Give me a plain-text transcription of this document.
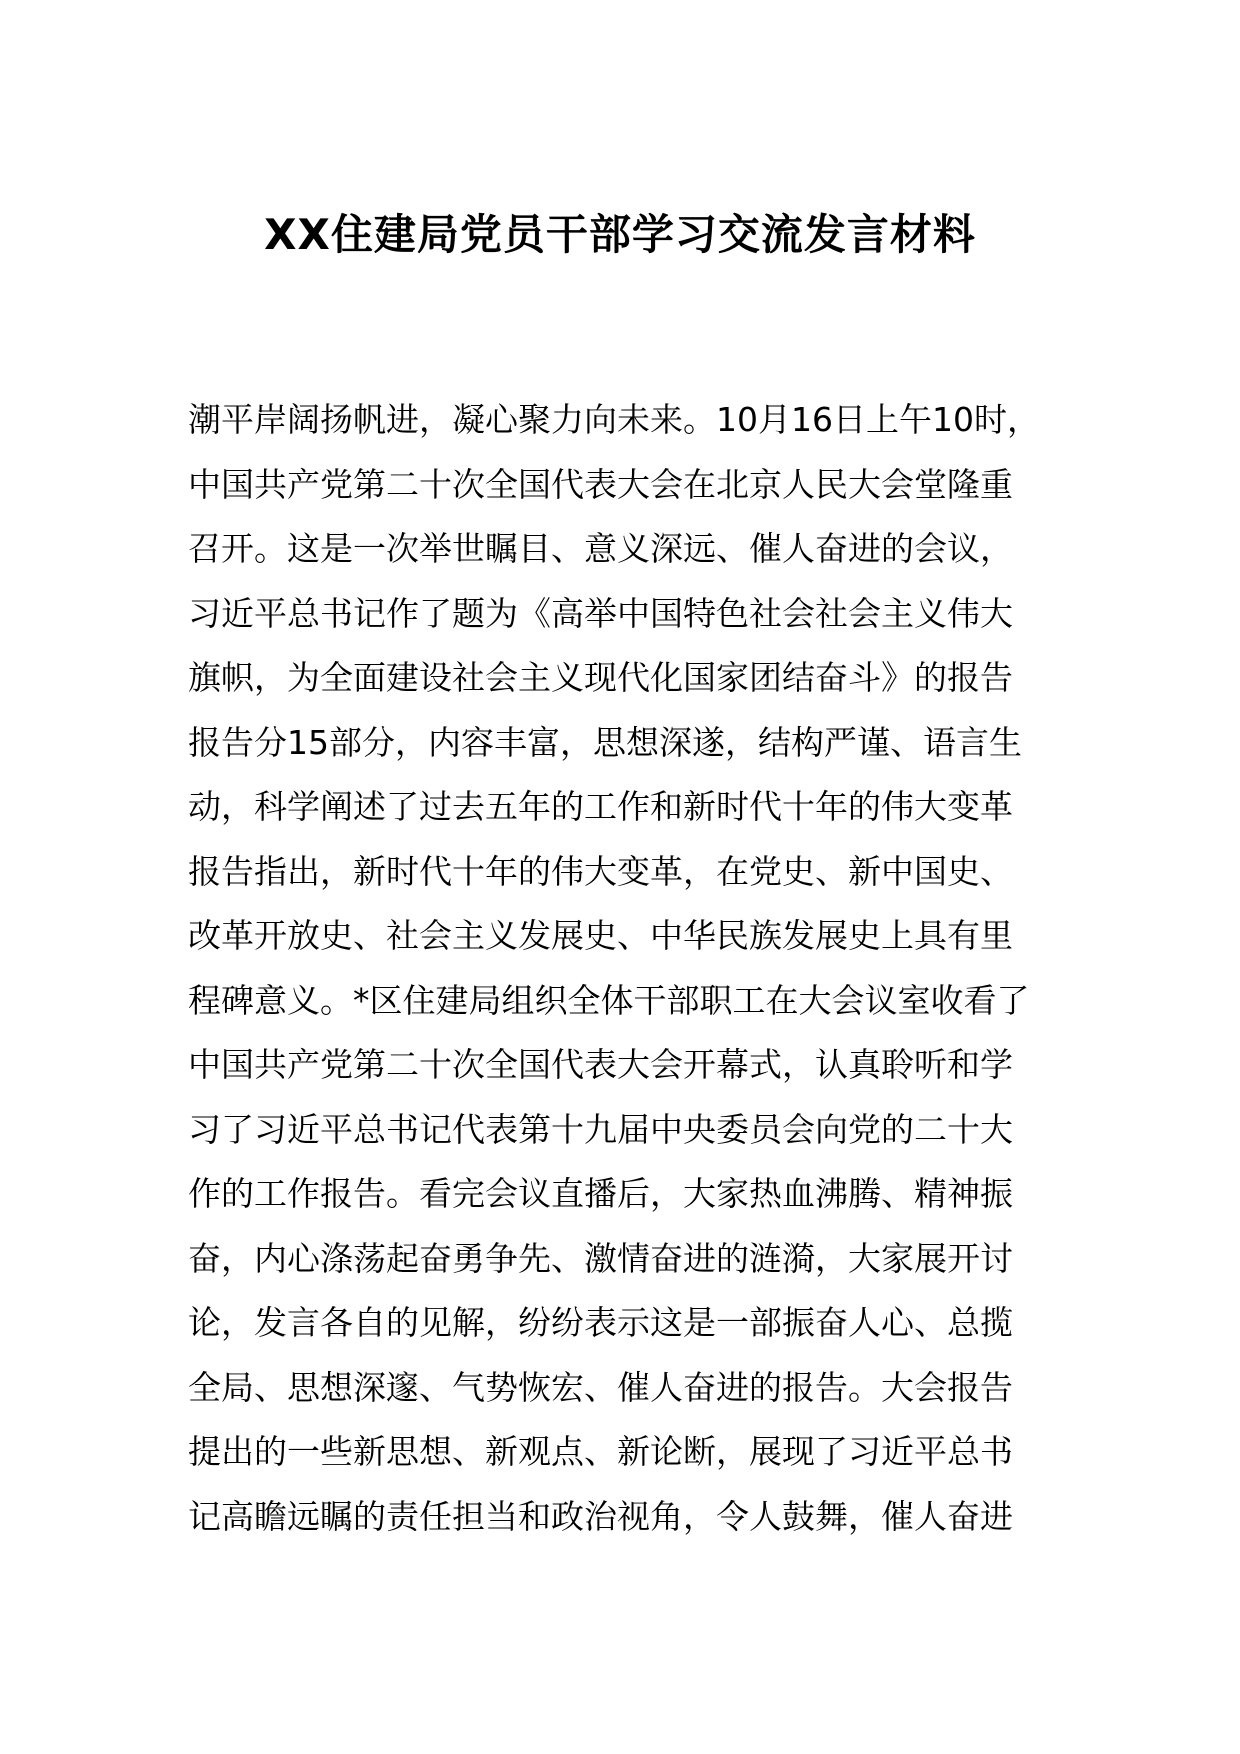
XX住建局党员干部学习交流发言材料
潮平岸阔扬帆进，凝心聚力向未来。10月16日上午10时，
中国共产党第二十次全国代表大会在北京人民大会堂隆重
召开。这是一次举世瞩目、意义深远、催人奋进的会议，
习近平总书记作了题为《高举中国特色社会社会主义伟大
旗帜，为全面建设社会主义现代化国家团结奋斗》的报告
报告分15部分，内容丰富，思想深遂，结构严谨、语言生
动，科学阐述了过去五年的工作和新时代十年的伟大变革
报告指出，新时代十年的伟大变革，在党史、新中国史、
改革开放史、社会主义发展史、中华民族发展史上具有里
程碑意义。*区住建局组织全体干部职工在大会议室收看了
中国共产党第二十次全国代表大会开幕式，认真聆听和学
习了习近平总书记代表第十九届中央委员会向党的二十大
作的工作报告。看完会议直播后，大家热血沸腾、精神振
奋，内心涤荡起奋勇争先、激情奋进的涟漪，大家展开讨
论，发言各自的见解，纷纷表示这是一部振奋人心、总揽
全局、思想深邃、气势恢宏、催人奋进的报告。大会报告
提出的一些新思想、新观点、新论断，展现了习近平总书
记高瞻远瞩的责任担当和政治视角，令人鼓舞，催人奋进
